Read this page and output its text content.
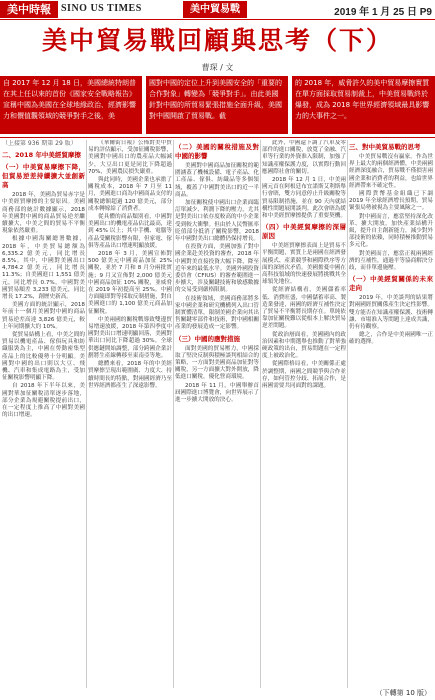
美中時報	SINO US TIMES	美中貿易戰	2019 年 1 月 25 日 P9
美中貿易戰回顧與思考（下）
曹琛 / 文
自 2017 年 12 月 18 日，美國總統特朗普在其上任以來的首份《國家安全戰略報告》宣稱中國為美國在全球地緣政治、經濟影響力和價值觀領域的競爭對手之後，美
國對中國的定位上升到美國安全的「重要的合作對象」轉變為「競爭對手」。由此美國針對中國的所貿易緊張措施全面升級，美國對中國開啟了貿易戰。截
的 2018 年，威脅許久的美中貿易摩擦實質在單方面採取貿易制裁上，中美貿易戰終於爆發，成為 2018 年世界經濟領域最具影響力的大事件之一。

（上接第 936 期第 29 版）

二、2018 年中美經貿摩擦

（一）中美貿易摩擦下降，但貿易逆差持續擴大並創新高

2018 年，美國為貿易赤字是中美經貿摩擦的主要原因。美國商務部的統計數據顯示，2018 年美國對中國的商品貿易逆差繼續擴大，中美之間的貿易不平衡現象依然嚴重。

根據中國海關總署數據，2018 年，中美貿易總額為 6,335.2 億美元，同比增長 8.5%。其中，中國對美國出口 4,784.2 億美元，同比增長 11.3%；自美國進口 1,551 億美元，同比增長 0.7%。中國對美國貿易順差 3,233 億美元，同比增長 17.2%，創歷史新高。

美國方面的統計顯示，2018 年前十一個月美國對中國的商品貿易逆差高達 3,826 億美元，較上年同期擴大約 10%。

從貿易結構上看，中美之間的貿易以機電產品、傢俱玩具和紡織服裝為主，中國在勞動密集型產品上的比較優勢十分明顯。美國對中國的出口則以大豆、飛機、汽車和集成電路為主，受加征關稅影響明顯下降。

自 2018 年下半年以來，美國對華加征關稅清單逐步落地，部分企業為規避關稅提前出口，在一定程度上推高了中國對美國的出口增速。

《華爾街日報》公佈對美中貿易的評估顯示，受加征關稅影響，美國對中國出口的農產品大幅減少，大豆出口更是同比下降超過 70%，美國農民損失嚴重。

與此同時，美國企業也承擔了關稅成本，2018 年 7 月至 11 月，美國進口商為中國商品支付的關稅總額超過 120 億美元，部分成本轉嫁給了消費者。

從具體的商品類別看，中國對美國出口的機電產品佔比最高，達到 45% 以上；其中手機、電腦等產品受關稅影響有限，但家電、傢俱等產品出口增速明顯放緩。

2018 年 3 月，美國宣佈對 500 億美元中國商品加征 25% 關稅，並於 7 月和 8 月分兩批實施；9 月又宣佈對 2,000 億美元中國商品加征 10% 關稅，並威脅在 2019 年初提高至 25%。中國方面隨即對等採取反制措施，對自美國進口的 1,100 億美元商品加征關稅。

中美兩國的關稅戰導致雙邊貿易增速放緩，2018 年第四季度中國對美出口增速明顯回落，美國對華出口同比下降超過 30%。全球供應鏈開始調整，部分跨國企業計劃將生產線轉移至東南亞等地。

總體來看，2018 年的中美經貿摩擦呈現出範圍廣、力度大、持續時間長的特點，對兩國經濟乃至世界經濟都產生了深遠影響。

（二）美國的關稅措施及對中國的影響

美國對中國商品加征關稅的範圍涵蓋了機械設備、電子產品、化工產品、傢俱、紡織品等多個領域，覆蓋了中國對美出口的近一半商品。

加征關稅使中國出口企業面臨訂單減少、利潤下降的壓力，尤其是對美出口依存度較高的中小企業受到較大衝擊。但由於人民幣匯率貶值部分抵消了關稅影響，2018 年中國對美出口總體仍保持增長。

在投資方面，美國加強了對中國企業赴美投資的審查，2018 年中國對美直接投資大幅下降，降至近年來的最低水平。美國外國投資委員會（CFIUS）的審查範圍進一步擴大，涉及關鍵技術和敏感數據的交易受到嚴格限制。

在技術領域，美國商務部將多家中國企業和研究機構列入出口管制實體清單，限制美國企業向其出售關鍵零部件和技術，對中國相關產業的發展造成一定影響。

（三）中國的應對措施

面對美國的貿易壓力，中國採取了堅決反制與積極談判相結合的策略，一方面對美國商品加征對等關稅，另一方面擴大對外開放，降低進口關稅，優化營商環境。

2018 年 11 月，中國舉辦首屆國際進口博覽會，向世界展示了進一步擴大開放的決心。

此外，中國還下調了汽車及零部件的進口關稅，放寬了金融、汽車等行業的外資准入限制，加強了知識產權保護力度，以實際行動回應國際社會的關切。

2018 年 12 月 1 日，中美兩國元首在阿根廷布宜諾斯艾利斯舉行會晤，雙方同意停止升級關稅等貿易限制措施，並在 90 天內就結構性問題展開談判。此次會晤為緩和中美經貿摩擦提供了重要契機。

（四）中美經貿摩擦的深層原因

中美經貿摩擦表面上是貿易不平衡問題，實質上是兩國在經濟發展模式、產業競爭和國際秩序等方面的深層次矛盾。美國擔憂中國在高科技領域的快速發展將挑戰其全球領先地位。

從經濟結構看，美國儲蓄率低、消費旺盛，中國儲蓄率高、製造業發達，兩國的經濟互補性決定了貿易不平衡將長期存在。單純依靠加征關稅難以從根本上解決貿易逆差問題。

從政治層面看，美國國內的政治因素和中期選舉也推動了對華強硬政策的出台，貿易問題在一定程度上被政治化。

從國際格局看，中美關係正處於調整期，兩國之間競爭與合作並存，如何管控分歧、拓展合作，是兩國需要共同面對的課題。

三、對中美貿易戰的思考

中美貿易戰沒有贏家。作為世界上最大的兩個經濟體，中美兩國經濟深度融合，貿易戰不僅損害兩國企業和消費者的利益，也給世界經濟帶來不確定性。

國際貨幣基金組織已下調 2019 年全球經濟增長預期，貿易緊張局勢被視為主要風險之一。

對中國而言，應當堅持深化改革、擴大開放，加快產業結構升級，提升自主創新能力，減少對外部技術的依賴，同時積極推動貿易多元化。

對美國而言，應當正視兩國經濟的互補性，通過平等協商解決分歧，而非單邊施壓。

（一）中美經貿關係的未來走向

2019 年，中美談判的結果將對兩國經貿關係產生決定性影響。雙方能否在知識產權保護、技術轉讓、市場准入等問題上達成共識，仍有待觀察。

總之，合作是中美兩國唯一正確的選擇。

（下轉第 10 版）
